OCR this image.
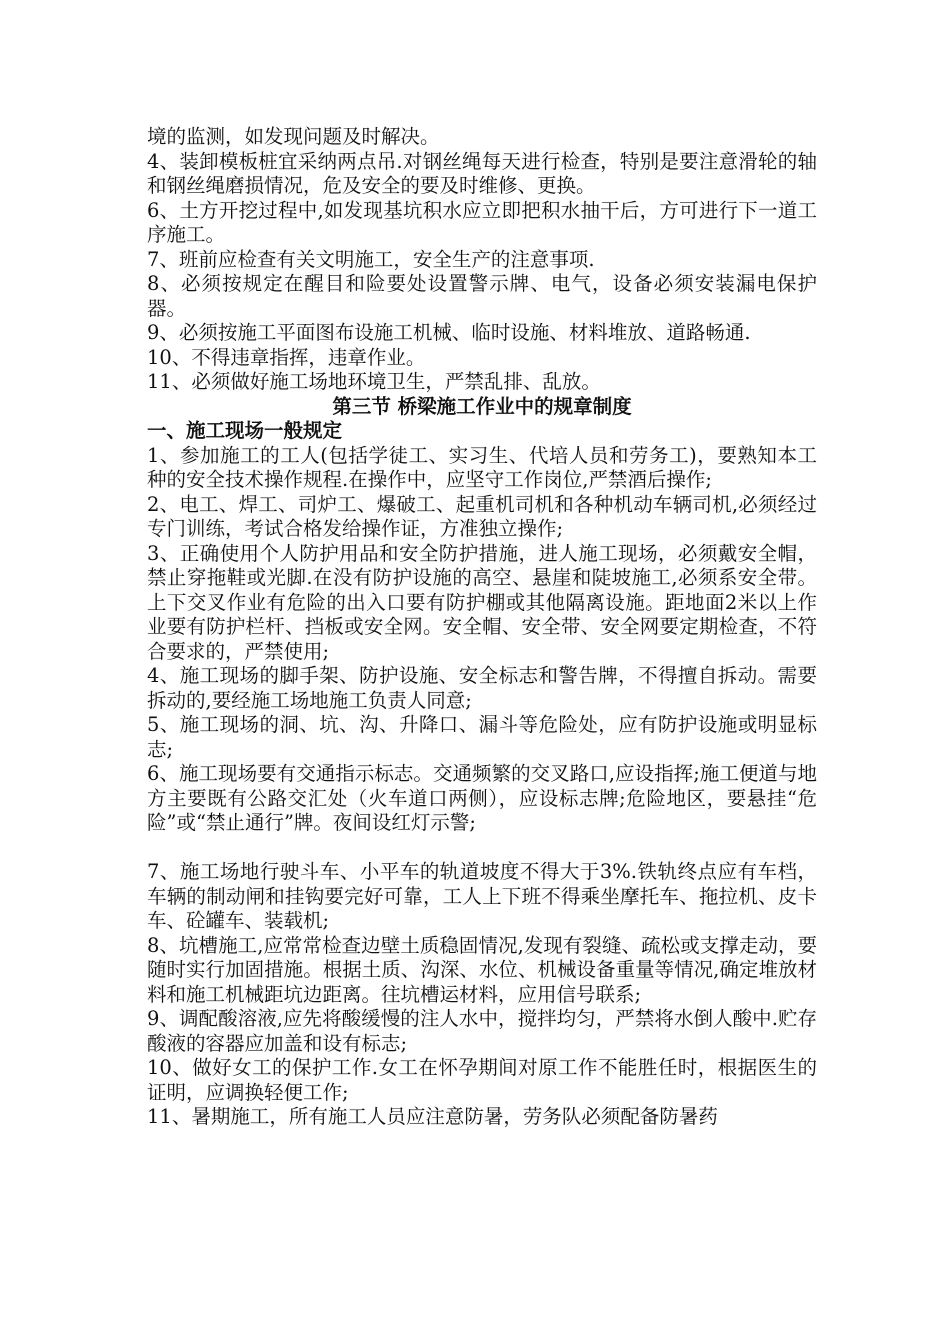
境的监测，如发现问题及时解决。

4、装卸模板桩宜采纳两点吊.对钢丝绳每天进行检查，特别是要注意滑轮的轴和钢丝绳磨损情况，危及安全的要及时维修、更换。

6、土方开挖过程中,如发现基坑积水应立即把积水抽干后，方可进行下一道工序施工。

7、班前应检查有关文明施工，安全生产的注意事项.

8、必须按规定在醒目和险要处设置警示牌、电气，设备必须安装漏电保护器。

9、必须按施工平面图布设施工机械、临时设施、材料堆放、道路畅通.

10、不得违章指挥，违章作业。

11、必须做好施工场地环境卫生，严禁乱排、乱放。

第三节 桥梁施工作业中的规章制度

一、施工现场一般规定

1、参加施工的工人(包括学徒工、实习生、代培人员和劳务工)，要熟知本工种的安全技术操作规程.在操作中，应坚守工作岗位,严禁酒后操作;

2、电工、焊工、司炉工、爆破工、起重机司机和各种机动车辆司机,必须经过专门训练，考试合格发给操作证，方准独立操作;

3、正确使用个人防护用品和安全防护措施，进人施工现场，必须戴安全帽，禁止穿拖鞋或光脚.在没有防护设施的高空、悬崖和陡坡施工,必须系安全带。上下交叉作业有危险的出入口要有防护棚或其他隔离设施。距地面2米以上作业要有防护栏杆、挡板或安全网。安全帽、安全带、安全网要定期检查，不符合要求的，严禁使用;

4、施工现场的脚手架、防护设施、安全标志和警告牌，不得擅自拆动。需要拆动的,要经施工场地施工负责人同意;

5、施工现场的洞、坑、沟、升降口、漏斗等危险处，应有防护设施或明显标志;

6、施工现场要有交通指示标志。交通频繁的交叉路口,应设指挥;施工便道与地方主要既有公路交汇处（火车道口两侧），应设标志牌;危险地区，要悬挂“危险”或“禁止通行”牌。夜间设红灯示警;

7、施工场地行驶斗车、小平车的轨道坡度不得大于3%.铁轨终点应有车档，车辆的制动闸和挂钩要完好可靠，工人上下班不得乘坐摩托车、拖拉机、皮卡车、砼罐车、装载机;

8、坑槽施工,应常常检查边壁土质稳固情况,发现有裂缝、疏松或支撑走动，要随时实行加固措施。根据土质、沟深、水位、机械设备重量等情况,确定堆放材料和施工机械距坑边距离。往坑槽运材料，应用信号联系;

9、调配酸溶液,应先将酸缓慢的注人水中，搅拌均匀，严禁将水倒人酸中.贮存酸液的容器应加盖和设有标志;

10、做好女工的保护工作.女工在怀孕期间对原工作不能胜任时，根据医生的证明，应调换轻便工作;

11、暑期施工，所有施工人员应注意防暑，劳务队必须配备防暑药
